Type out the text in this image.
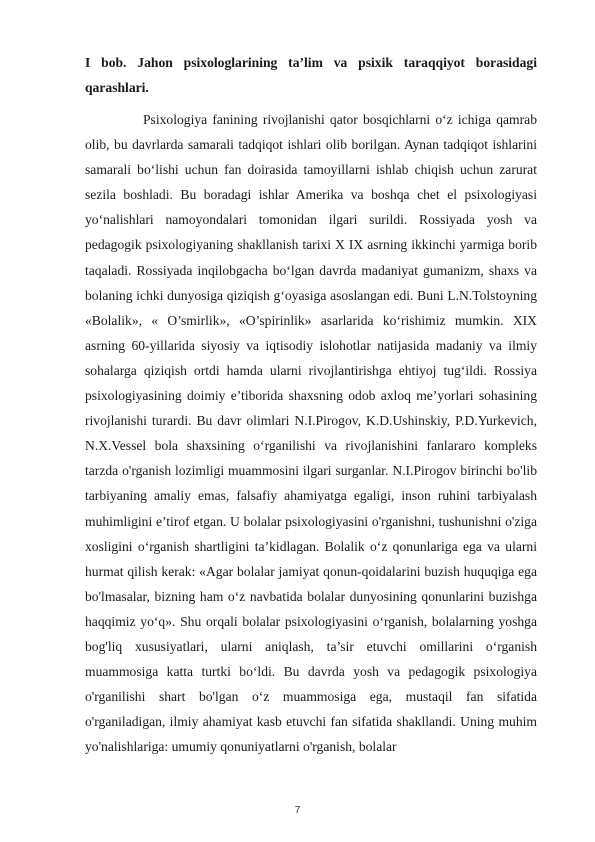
I bob. Jahon psixologlarining ta’lim va psixik taraqqiyot borasidagi qarashlari.
Psixologiya fanining rivojlanishi qator bosqichlarni o‘z ichiga qamrab olib, bu davrlarda samarali tadqiqot ishlari olib borilgan. Aynan tadqiqot ishlarini samarali bo‘lishi uchun fan doirasida tamoyillarni ishlab chiqish uchun zarurat sezila boshladi. Bu boradagi ishlar Amerika va boshqa chet el psixologiyasi yo‘nalishlari namoyondalari tomonidan ilgari surildi. Rossiyada yosh va pedagogik psixologiyaning shakllanish tarixi X IX asrning ikkinchi yarmiga borib taqaladi. Rossiyada inqilobgacha bo‘lgan davrda madaniyat gumanizm, shaxs va bolaning ichki dunyosiga qiziqish g‘oyasiga asoslangan edi. Buni L.N.Tolstoyning «Bolalik», « O’smirlik», «O’spirinlik» asarlarida ko‘rishimiz mumkin. XIX asrning 60-yillarida siyosiy va iqtisodiy islohotlar natijasida madaniy va ilmiy sohalarga qiziqish ortdi hamda ularni rivojlantirishga ehtiyoj tug‘ildi. Rossiya psixologiyasining doimiy e’tiborida shaxsning odob axloq me’yorlari sohasining rivojlanishi turardi. Bu davr olimlari N.I.Pirogov, K.D.Ushinskiy, P.D.Yurkevich, N.X.Vessel bola shaxsining o‘rganilishi va rivojlanishini fanlararo kompleks tarzda o'rganish lozimligi muammosini ilgari surganlar. N.I.Pirogov birinchi bo'lib tarbiyaning amaliy emas, falsafiy ahamiyatga egaligi, inson ruhini tarbiyalash muhimligini e’tirof etgan. U bolalar psixologiyasini o'rganishni, tushunishni o'ziga xosligini o‘rganish shartligini ta’kidlagan. Bolalik o‘z qonunlariga ega va ularni hurmat qilish kerak: «Agar bolalar jamiyat qonun-qoidalarini buzish huquqiga ega bo'lmasalar, bizning ham o‘z navbatida bolalar dunyosining qonunlarini buzishga haqqimiz yo‘q». Shu orqali bolalar psixologiyasini o‘rganish, bolalarning yoshga bog'liq xususiyatlari, ularni aniqlash, ta’sir etuvchi omillarini o‘rganish muammosiga katta turtki bo‘ldi. Bu davrda yosh va pedagogik psixologiya o'rganilishi shart bo'lgan o‘z muammosiga ega, mustaqil fan sifatida o'rganiladigan, ilmiy ahamiyat kasb etuvchi fan sifatida shakllandi. Uning muhim yo'nalishlariga: umumiy qonuniyatlarni o'rganish, bolalar
7
